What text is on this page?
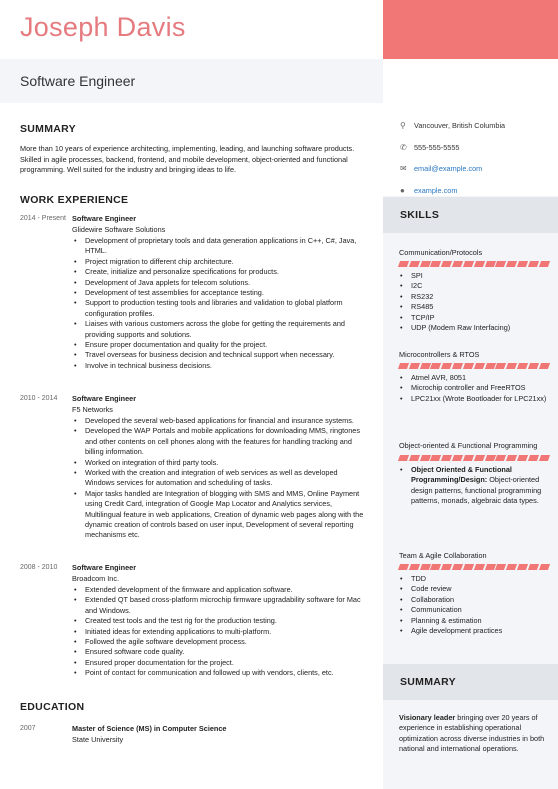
Joseph Davis
Software Engineer
⚲	Vancouver, British Columbia
✆ 555-555-5555
✉ email@example.com
●	example.com
SKILLS
Communication/Protocols
• SPI
• I2C
• RS232
• RS485
• TCP/IP
• UDP (Modem Raw Interfacing)
Microcontrollers & RTOS
• Atmel AVR, 8051
• Microchip controller and FreeRTOS
• LPC21xx (Wrote Bootloader for LPC21xx)
Object-oriented & Functional Programming
• Object Oriented & Functional Programming/Design: Object-oriented design patterns, functional programming patterns, monads, algebraic data types.
Team & Agile Collaboration
• TDD
• Code review
• Collaboration
• Communication
• Planning & estimation
• Agile development practices
SUMMARY
Visionary leader bringing over 20 years of experience in establishing operational optimization across diverse industries in both national and international operations.
SUMMARY

More than 10 years of experience architecting, implementing, leading, and launching software products. Skilled in agile processes, backend, frontend, and mobile development, object-oriented and functional programming. Well suited for the industry and bringing ideas to life.

WORK EXPERIENCE
2014 - Present Software Engineer
Glidewire Software Solutions
• Development of proprietary tools and data generation applications in C++, C#, Java, HTML.
• Project migration to different chip architecture.
• Create, initialize and personalize specifications for products.
• Development of Java applets for telecom solutions.
• Development of test assemblies for acceptance testing.
• Support to production testing tools and libraries and validation to global platform configuration profiles.
• Liaises with various customers across the globe for getting the requirements and providing supports and solutions.
• Ensure proper documentation and quality for the project.
• Travel overseas for business decision and technical support when necessary.
• Involve in technical business decisions.
2010 - 2014	Software Engineer
F5 Networks
• Developed the several web-based applications for financial and insurance systems.
• Developed the WAP Portals and mobile applications for downloading MMS, ringtones and other contents on cell phones along with the features for handling tracking and billing information.
• Worked on integration of third party tools.
• Worked with the creation and integration of web services as well as developed Windows services for automation and scheduling of tasks.
• Major tasks handled are Integration of blogging with SMS and MMS, Online Payment using Credit Card, integration of Google Map Locator and Analytics services, Multilingual feature in web applications, Creation of dynamic web pages along with the dynamic creation of controls based on user input, Development of several reporting mechanisms etc.
2008 - 2010	Software Engineer
Broadcom Inc.
• Extended development of the firmware and application software.
• Extended QT based cross-platform microchip firmware upgradability software for Mac and Windows.
• Created test tools and the test rig for the production testing.
• Initiated ideas for extending applications to multi-platform.
• Followed the agile software development process.
• Ensured software code quality.
• Ensured proper documentation for the project.
• Point of contact for communication and followed up with vendors, clients, etc.
EDUCATION
2007	Master of Science (MS) in Computer Science
State University
